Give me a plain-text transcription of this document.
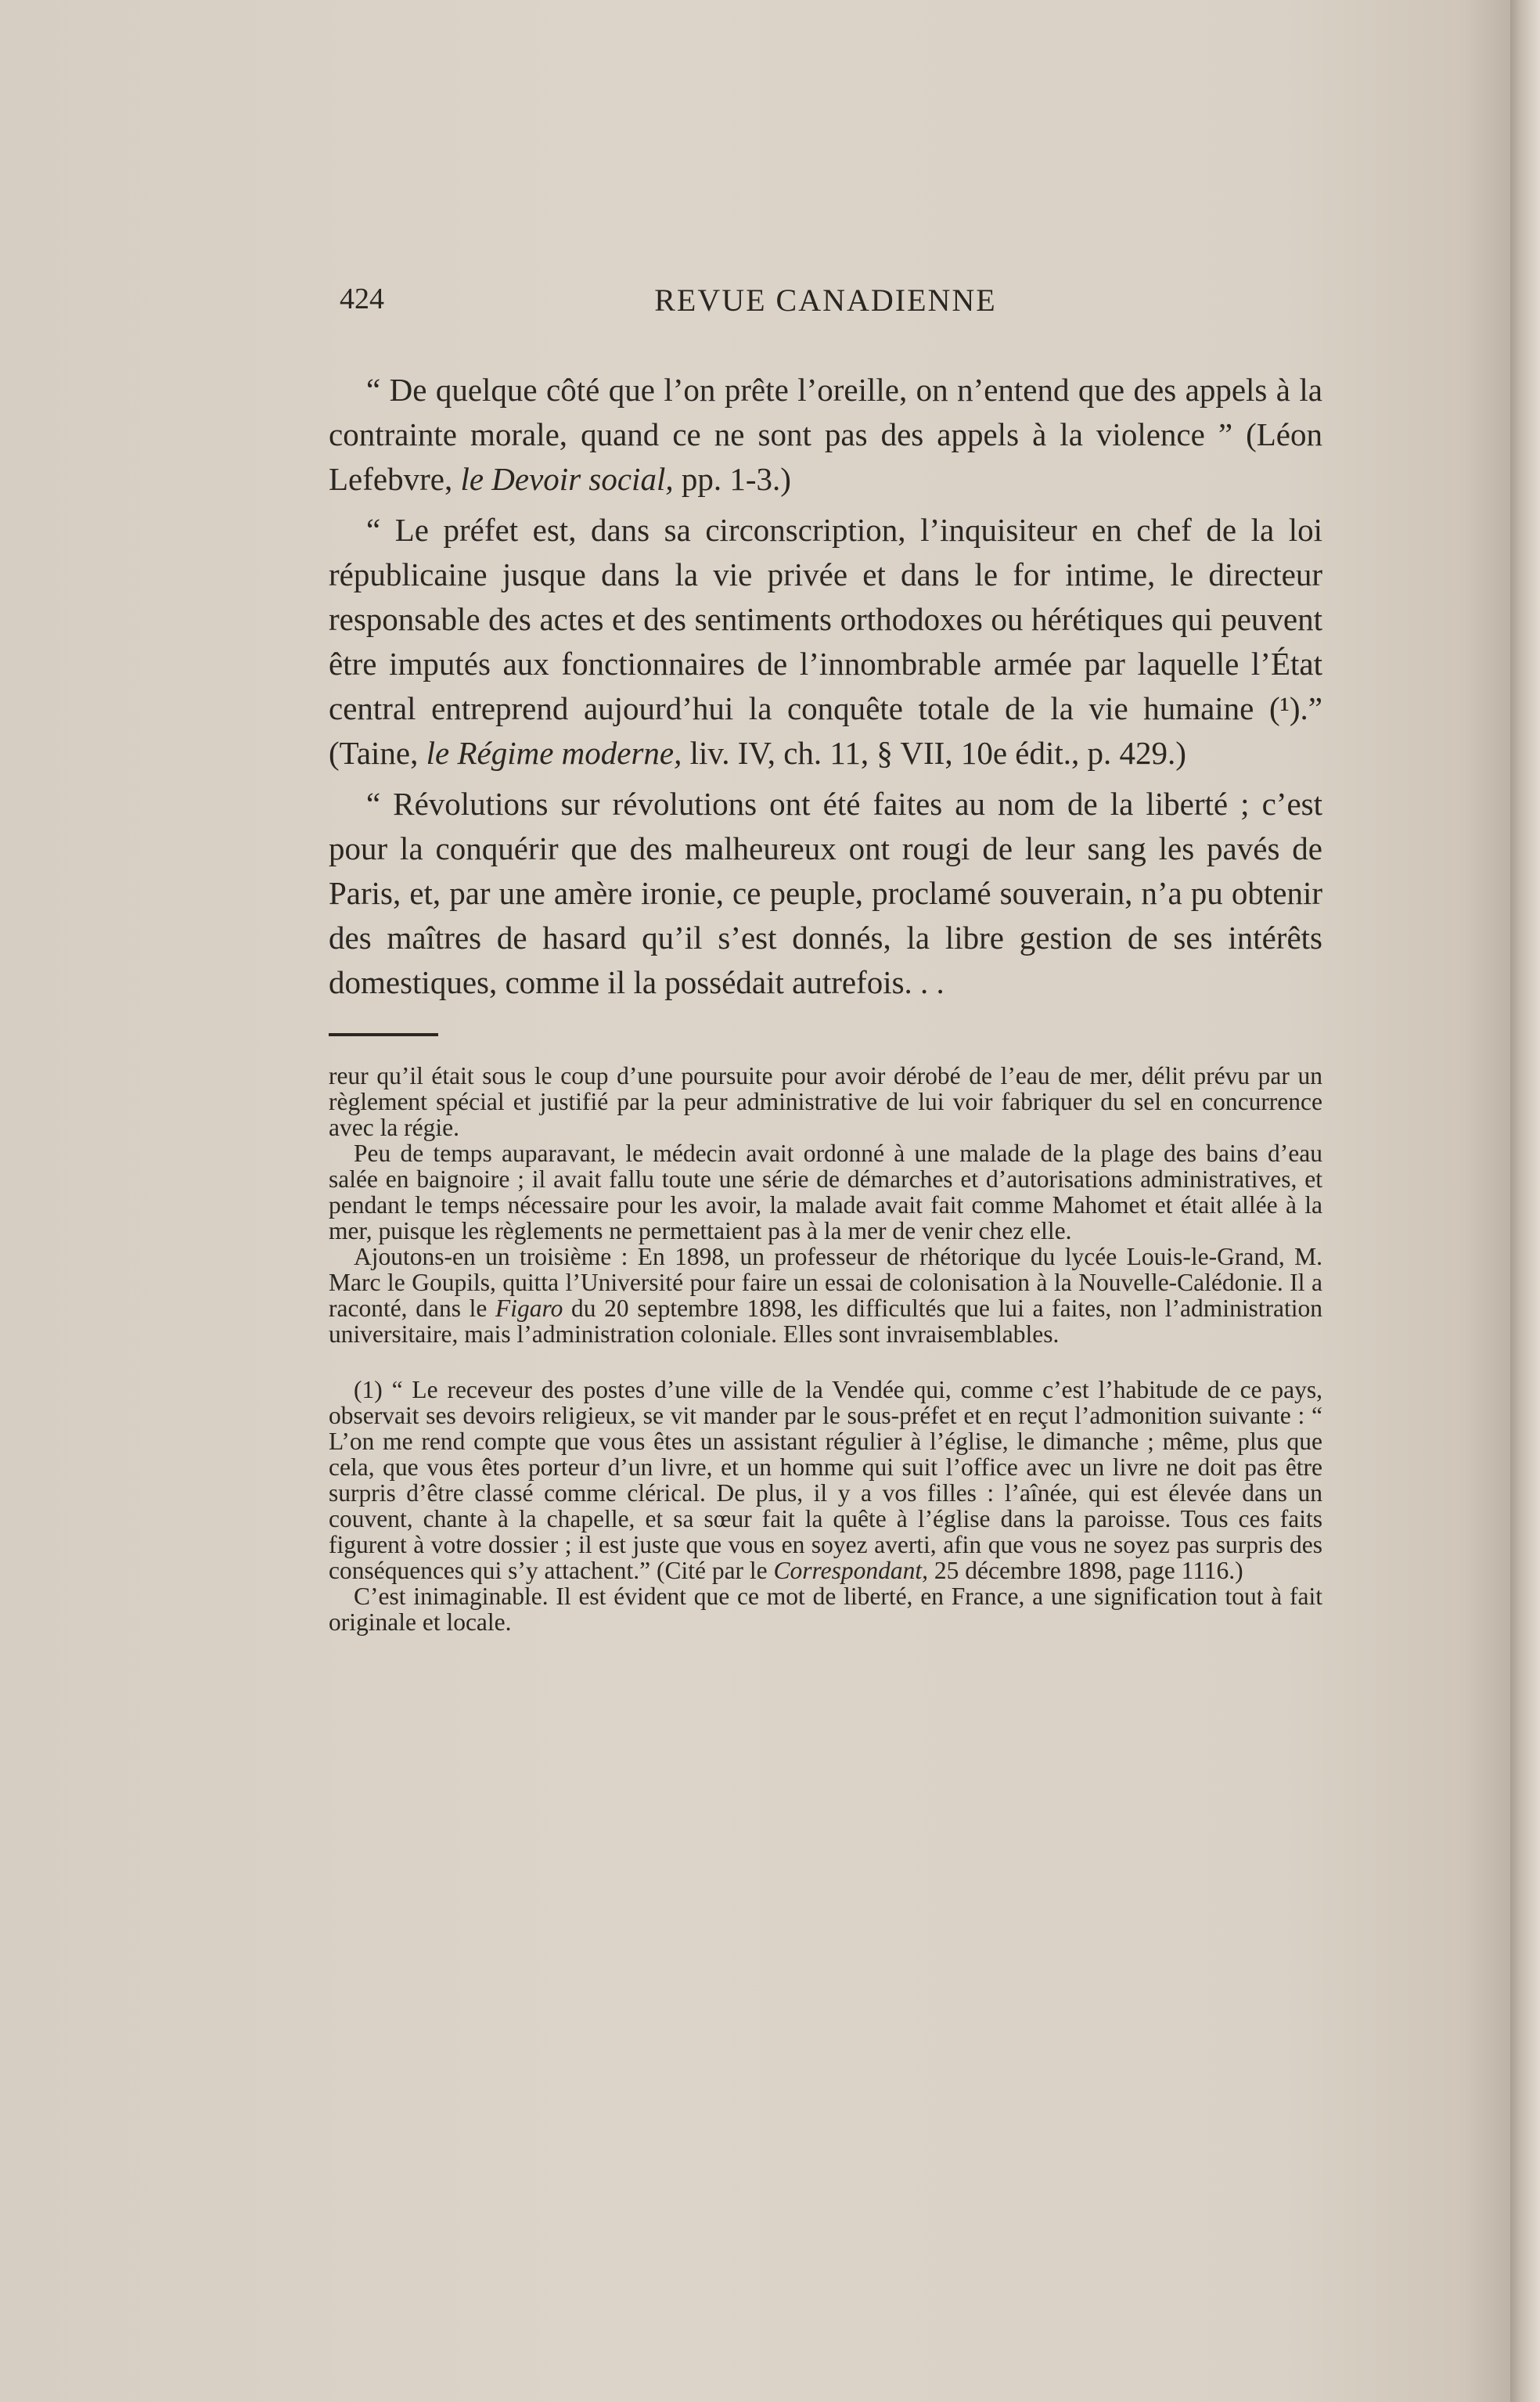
424	REVUE CANADIENNE

“ De quelque côté que l’on prête l’oreille, on n’entend que des appels à la contrainte morale, quand ce ne sont pas des appels à la violence ” (Léon Lefebvre, le Devoir social, pp. 1-3.)

“ Le préfet est, dans sa circonscription, l’inquisiteur en chef de la loi républicaine jusque dans la vie privée et dans le for intime, le directeur responsable des actes et des sentiments orthodoxes ou hérétiques qui peuvent être imputés aux fonctionnaires de l’innombrable armée par laquelle l’État central entreprend aujourd’hui la conquête totale de la vie humaine (¹).” (Taine, le Régime moderne, liv. IV, ch. 11, § VII, 10e édit., p. 429.)

“ Révolutions sur révolutions ont été faites au nom de la liberté ; c’est pour la conquérir que des malheureux ont rougi de leur sang les pavés de Paris, et, par une amère ironie, ce peuple, proclamé souverain, n’a pu obtenir des maîtres de hasard qu’il s’est donnés, la libre gestion de ses intérêts domestiques, comme il la possédait autrefois. . .

reur qu’il était sous le coup d’une poursuite pour avoir dérobé de l’eau de mer, délit prévu par un règlement spécial et justifié par la peur administrative de lui voir fabriquer du sel en concurrence avec la régie.

Peu de temps auparavant, le médecin avait ordonné à une malade de la plage des bains d’eau salée en baignoire ; il avait fallu toute une série de démarches et d’autorisations administratives, et pendant le temps nécessaire pour les avoir, la malade avait fait comme Mahomet et était allée à la mer, puisque les règlements ne permettaient pas à la mer de venir chez elle.

Ajoutons-en un troisième : En 1898, un professeur de rhétorique du lycée Louis-le-Grand, M. Marc le Goupils, quitta l’Université pour faire un essai de colonisation à la Nouvelle-Calédonie. Il a raconté, dans le Figaro du 20 septembre 1898, les difficultés que lui a faites, non l’administration universitaire, mais l’administration coloniale. Elles sont invraisemblables.

(1) “ Le receveur des postes d’une ville de la Vendée qui, comme c’est l’habitude de ce pays, observait ses devoirs religieux, se vit mander par le sous-préfet et en reçut l’admonition suivante : “ L’on me rend compte que vous êtes un assistant régulier à l’église, le dimanche ; même, plus que cela, que vous êtes porteur d’un livre, et un homme qui suit l’office avec un livre ne doit pas être surpris d’être classé comme clérical. De plus, il y a vos filles : l’aînée, qui est élevée dans un couvent, chante à la chapelle, et sa sœur fait la quête à l’église dans la paroisse. Tous ces faits figurent à votre dossier ; il est juste que vous en soyez averti, afin que vous ne soyez pas surpris des conséquences qui s’y attachent.” (Cité par le Correspondant, 25 décembre 1898, page 1116.)

C’est inimaginable. Il est évident que ce mot de liberté, en France, a une signification tout à fait originale et locale.
